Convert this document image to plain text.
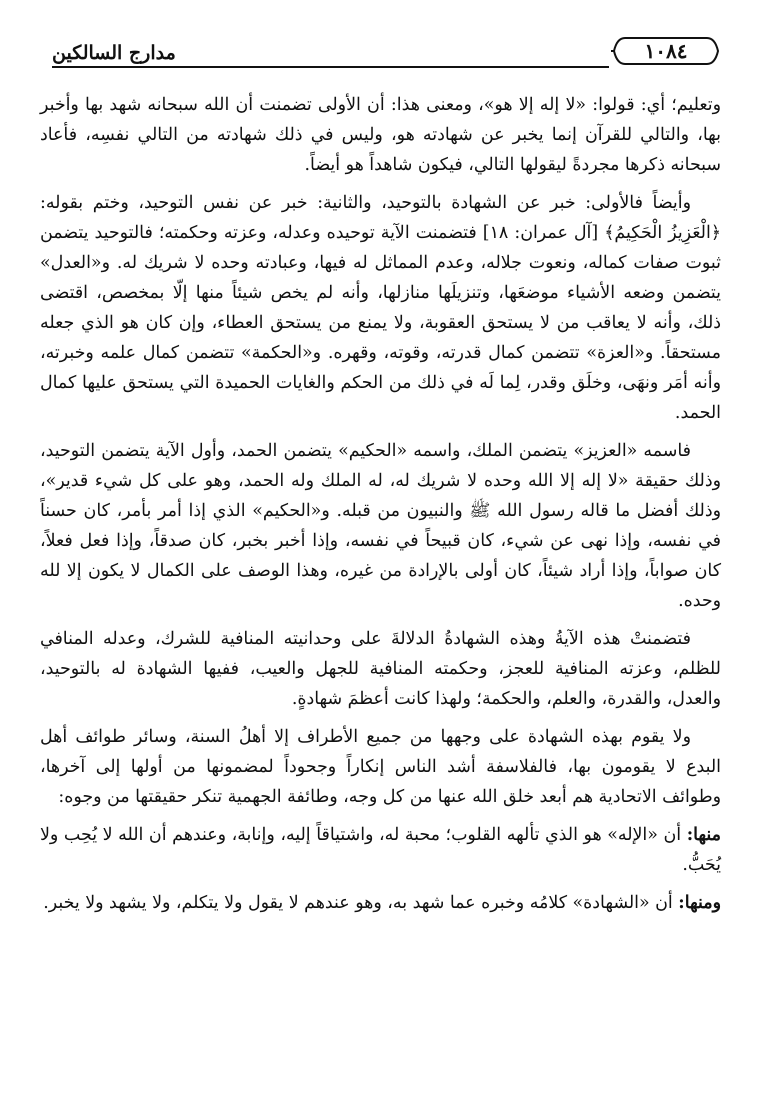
١٠٨٤
مدارج السالكين

وتعليم؛ أي: قولوا: «لا إله إلا هو»، ومعنى هذا: أن الأولى تضمنت أن الله سبحانه شهد بها وأخبر بها، والتالي للقرآن إنما يخبر عن شهادته هو، وليس في ذلك شهادته من التالي نفسِه، فأعاد سبحانه ذكرها مجردةً ليقولها التالي، فيكون شاهداً هو أيضاً.

وأيضاً فالأولى: خبر عن الشهادة بالتوحيد، والثانية: خبر عن نفس التوحيد، وختم بقوله: ﴿الْعَزِيزُ الْحَكِيمُ﴾ [آل عمران: ١٨] فتضمنت الآية توحيده وعدله، وعزته وحكمته؛ فالتوحيد يتضمن ثبوت صفات كماله، ونعوت جلاله، وعدم المماثل له فيها، وعبادته وحده لا شريك له. و«العدل» يتضمن وضعه الأشياء موضعَها، وتنزيلَها منازلها، وأنه لم يخص شيئاً منها إلّا بمخصص، اقتضى ذلك، وأنه لا يعاقب من لا يستحق العقوبة، ولا يمنع من يستحق العطاء، وإن كان هو الذي جعله مستحقاً. و«العزة» تتضمن كمال قدرته، وقوته، وقهره. و«الحكمة» تتضمن كمال علمه وخبرته، وأنه أمَر ونهَى، وخلَق وقدر، لِما لَه في ذلك من الحكم والغايات الحميدة التي يستحق عليها كمال الحمد.

فاسمه «العزيز» يتضمن الملك، واسمه «الحكيم» يتضمن الحمد، وأول الآية يتضمن التوحيد، وذلك حقيقة «لا إله إلا الله وحده لا شريك له، له الملك وله الحمد، وهو على كل شيء قدير»، وذلك أفضل ما قاله رسول الله ﷺ والنبيون من قبله. و«الحكيم» الذي إذا أمر بأمر، كان حسناً في نفسه، وإذا نهى عن شيء، كان قبيحاً في نفسه، وإذا أخبر بخبر، كان صدقاً، وإذا فعل فعلاً، كان صواباً، وإذا أراد شيئاً، كان أولى بالإرادة من غيره، وهذا الوصف على الكمال لا يكون إلا لله وحده.

فتضمنتْ هذه الآيةُ وهذه الشهادةُ الدلالةَ على وحدانيته المنافية للشرك، وعدله المنافي للظلم، وعزته المنافية للعجز، وحكمته المنافية للجهل والعيب، ففيها الشهادة له بالتوحيد، والعدل، والقدرة، والعلم، والحكمة؛ ولهذا كانت أعظمَ شهادةٍ.

ولا يقوم بهذه الشهادة على وجهها من جميع الأطراف إلا أهلُ السنة، وسائر طوائف أهل البدع لا يقومون بها، فالفلاسفة أشد الناس إنكاراً وجحوداً لمضمونها من أولها إلى آخرها، وطوائف الاتحادية هم أبعد خلق الله عنها من كل وجه، وطائفة الجهمية تنكر حقيقتها من وجوه:

منها: أن «الإله» هو الذي تألهه القلوب؛ محبة له، واشتياقاً إليه، وإنابة، وعندهم أن الله لا يُحِب ولا يُحَبُّ.

ومنها: أن «الشهادة» كلامُه وخبره عما شهد به، وهو عندهم لا يقول ولا يتكلم، ولا يشهد ولا يخبر.
